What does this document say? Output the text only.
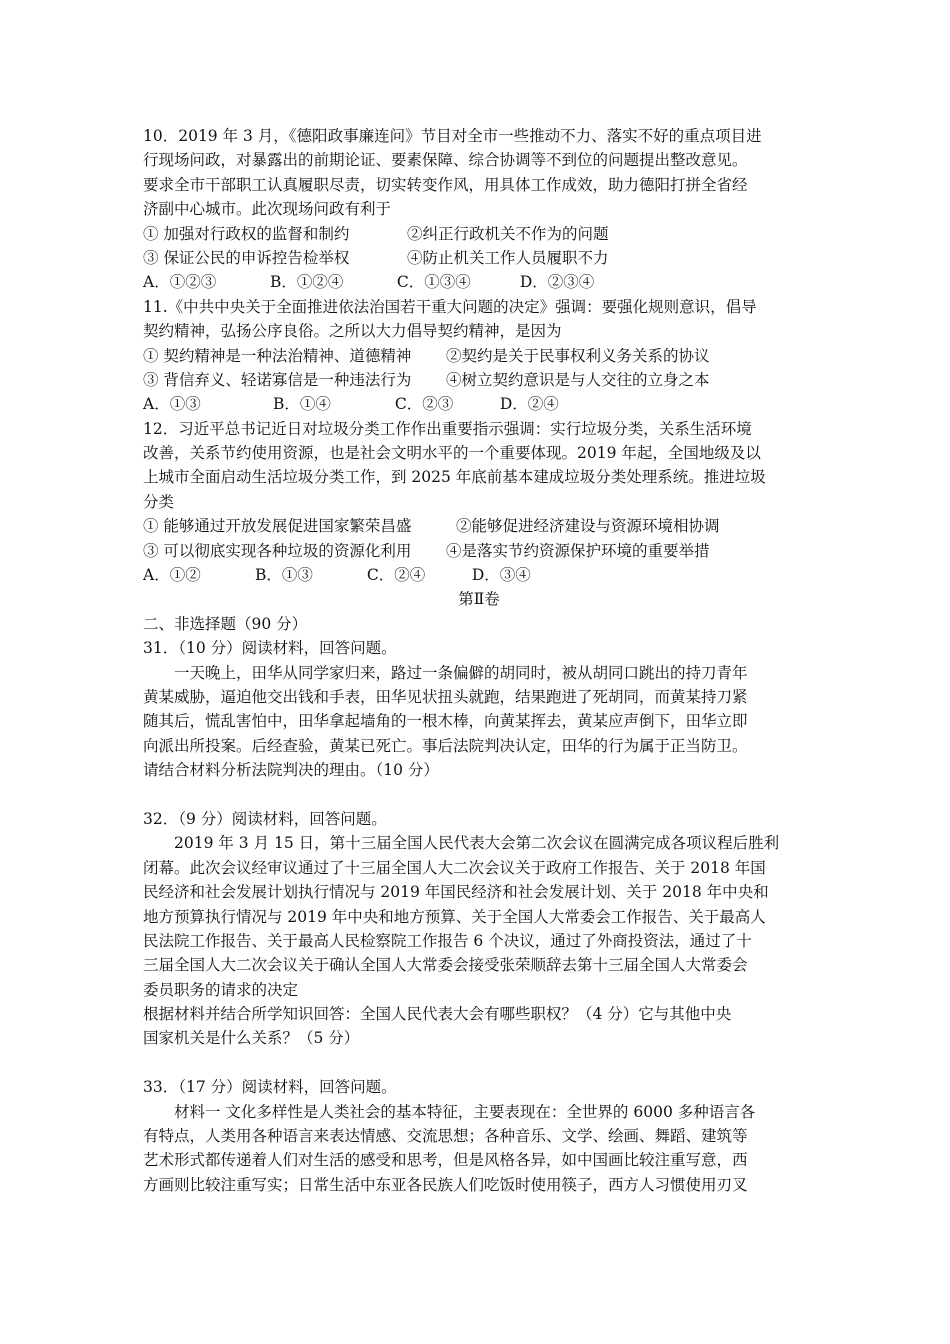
10．2019 年 3 月，《德阳政事廉连问》节目对全市一些推动不力、落实不好的重点项目进
行现场问政，对暴露出的前期论证、要素保障、综合协调等不到位的问题提出整改意见。
要求全市干部职工认真履职尽责，切实转变作风，用具体工作成效，助力德阳打拼全省经
济副中心城市。此次现场问政有利于
① 加强对行政权的监督和制约	②纠正行政机关不作为的问题
③ 保证公民的申诉控告检举权	④防止机关工作人员履职不力
A．①②③	B．①②④	C．①③④	D．②③④
11.《中共中央关于全面推进依法治国若干重大问题的决定》强调：要强化规则意识，倡导
契约精神，弘扬公序良俗。之所以大力倡导契约精神，是因为
① 契约精神是一种法治精神、道德精神	②契约是关于民事权利义务关系的协议
③ 背信弃义、轻诺寡信是一种违法行为	④树立契约意识是与人交往的立身之本
A．①③	B．①④	C．②③	D．②④
12．习近平总书记近日对垃圾分类工作作出重要指示强调：实行垃圾分类，关系生活环境
改善，关系节约使用资源，也是社会文明水平的一个重要体现。2019 年起，全国地级及以
上城市全面启动生活垃圾分类工作，到 2025 年底前基本建成垃圾分类处理系统。推进垃圾
分类
① 能够通过开放发展促进国家繁荣昌盛	②能够促进经济建设与资源环境相协调
③ 可以彻底实现各种垃圾的资源化利用	④是落实节约资源保护环境的重要举措
A．①②	B．①③	C．②④	D．③④
第Ⅱ卷
二、非选择题（90 分）
31．（10 分）阅读材料，回答问题。
一天晚上，田华从同学家归来，路过一条偏僻的胡同时，被从胡同口跳出的持刀青年
黄某威胁，逼迫他交出钱和手表，田华见状扭头就跑，结果跑进了死胡同，而黄某持刀紧
随其后，慌乱害怕中，田华拿起墙角的一根木棒，向黄某挥去，黄某应声倒下，田华立即
向派出所投案。后经查验，黄某已死亡。事后法院判决认定，田华的行为属于正当防卫。
请结合材料分析法院判决的理由。（10 分）
32．（9 分）阅读材料，回答问题。
2019 年 3 月 15 日，第十三届全国人民代表大会第二次会议在圆满完成各项议程后胜利
闭幕。此次会议经审议通过了十三届全国人大二次会议关于政府工作报告、关于 2018 年国
民经济和社会发展计划执行情况与 2019 年国民经济和社会发展计划、关于 2018 年中央和
地方预算执行情况与 2019 年中央和地方预算、关于全国人大常委会工作报告、关于最高人
民法院工作报告、关于最高人民检察院工作报告 6 个决议，通过了外商投资法，通过了十
三届全国人大二次会议关于确认全国人大常委会接受张荣顺辞去第十三届全国人大常委会
委员职务的请求的决定
根据材料并结合所学知识回答：全国人民代表大会有哪些职权？（4 分）它与其他中央
国家机关是什么关系？（5 分）
33．（17 分）阅读材料，回答问题。
材料一 文化多样性是人类社会的基本特征，主要表现在：全世界的 6000 多种语言各
有特点，人类用各种语言来表达情感、交流思想；各种音乐、文学、绘画、舞蹈、建筑等
艺术形式都传递着人们对生活的感受和思考，但是风格各异，如中国画比较注重写意，西
方画则比较注重写实；日常生活中东亚各民族人们吃饭时使用筷子，西方人习惯使用刃叉
